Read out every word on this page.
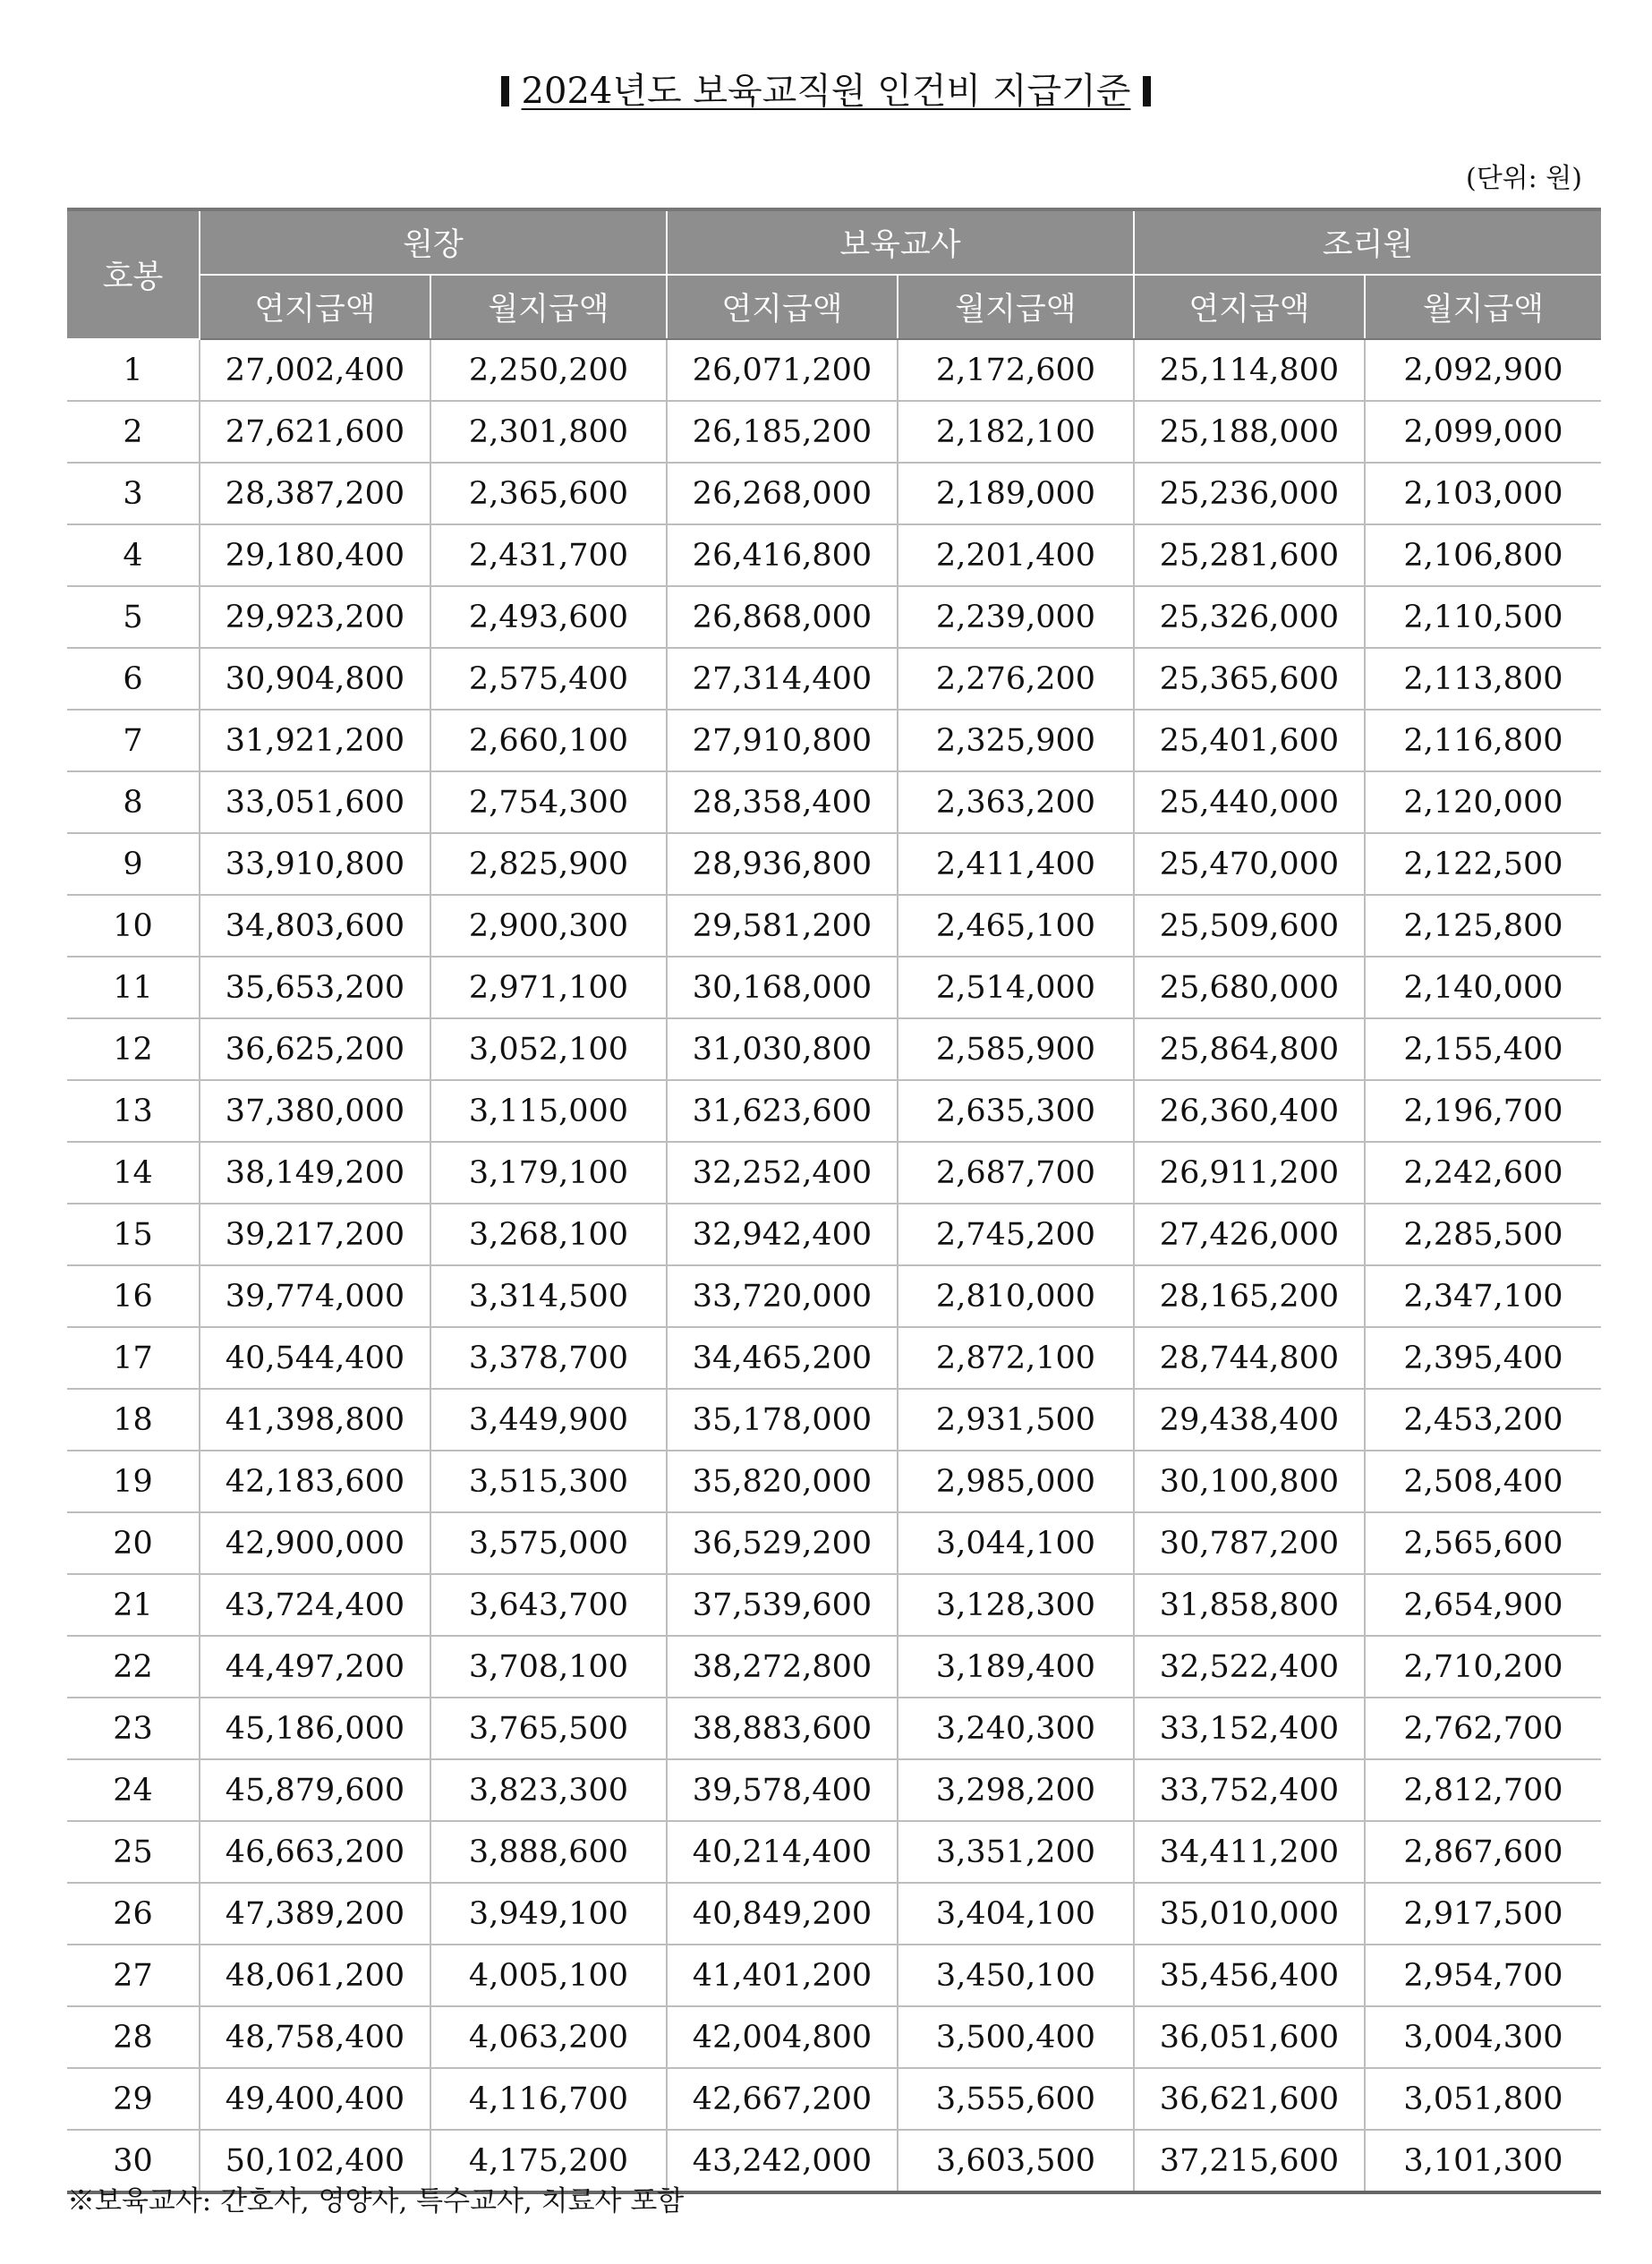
2024년도 보육교직원 인건비 지급기준
(단위: 원)
호봉	원장		보육교사		조리원	
	연지급액	월지급액	연지급액	월지급액	연지급액	월지급액
1	27,002,400	2,250,200	26,071,200	2,172,600	25,114,800	2,092,900
2	27,621,600	2,301,800	26,185,200	2,182,100	25,188,000	2,099,000
3	28,387,200	2,365,600	26,268,000	2,189,000	25,236,000	2,103,000
4	29,180,400	2,431,700	26,416,800	2,201,400	25,281,600	2,106,800
5	29,923,200	2,493,600	26,868,000	2,239,000	25,326,000	2,110,500
6	30,904,800	2,575,400	27,314,400	2,276,200	25,365,600	2,113,800
7	31,921,200	2,660,100	27,910,800	2,325,900	25,401,600	2,116,800
8	33,051,600	2,754,300	28,358,400	2,363,200	25,440,000	2,120,000
9	33,910,800	2,825,900	28,936,800	2,411,400	25,470,000	2,122,500
10	34,803,600	2,900,300	29,581,200	2,465,100	25,509,600	2,125,800
11	35,653,200	2,971,100	30,168,000	2,514,000	25,680,000	2,140,000
12	36,625,200	3,052,100	31,030,800	2,585,900	25,864,800	2,155,400
13	37,380,000	3,115,000	31,623,600	2,635,300	26,360,400	2,196,700
14	38,149,200	3,179,100	32,252,400	2,687,700	26,911,200	2,242,600
15	39,217,200	3,268,100	32,942,400	2,745,200	27,426,000	2,285,500
16	39,774,000	3,314,500	33,720,000	2,810,000	28,165,200	2,347,100
17	40,544,400	3,378,700	34,465,200	2,872,100	28,744,800	2,395,400
18	41,398,800	3,449,900	35,178,000	2,931,500	29,438,400	2,453,200
19	42,183,600	3,515,300	35,820,000	2,985,000	30,100,800	2,508,400
20	42,900,000	3,575,000	36,529,200	3,044,100	30,787,200	2,565,600
21	43,724,400	3,643,700	37,539,600	3,128,300	31,858,800	2,654,900
22	44,497,200	3,708,100	38,272,800	3,189,400	32,522,400	2,710,200
23	45,186,000	3,765,500	38,883,600	3,240,300	33,152,400	2,762,700
24	45,879,600	3,823,300	39,578,400	3,298,200	33,752,400	2,812,700
25	46,663,200	3,888,600	40,214,400	3,351,200	34,411,200	2,867,600
26	47,389,200	3,949,100	40,849,200	3,404,100	35,010,000	2,917,500
27	48,061,200	4,005,100	41,401,200	3,450,100	35,456,400	2,954,700
28	48,758,400	4,063,200	42,004,800	3,500,400	36,051,600	3,004,300
29	49,400,400	4,116,700	42,667,200	3,555,600	36,621,600	3,051,800
30	50,102,400	4,175,200	43,242,000	3,603,500	37,215,600	3,101,300
※보육교사: 간호사, 영양사, 특수교사, 치료사 포함
